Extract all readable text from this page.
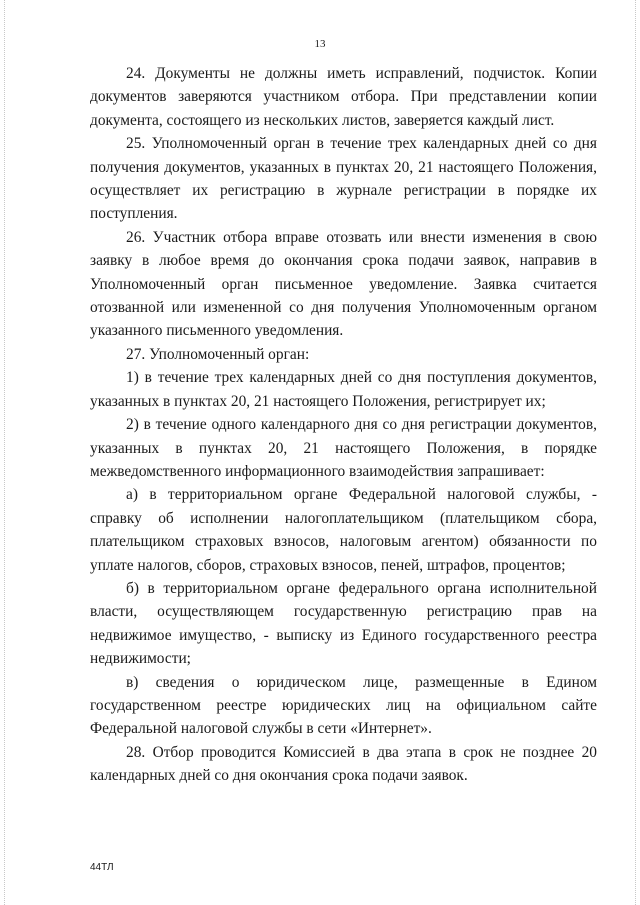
13

24. Документы не должны иметь исправлений, подчисток. Копии документов заверяются участником отбора. При представлении копии документа, состоящего из нескольких листов, заверяется каждый лист.

25. Уполномоченный орган в течение трех календарных дней со дня получения документов, указанных в пунктах 20, 21 настоящего Положения, осуществляет их регистрацию в журнале регистрации в порядке их поступления.

26. Участник отбора вправе отозвать или внести изменения в свою заявку в любое время до окончания срока подачи заявок, направив в Уполномоченный орган письменное уведомление. Заявка считается отозванной или измененной со дня получения Уполномоченным органом указанного письменного уведомления.

27. Уполномоченный орган:

1) в течение трех календарных дней со дня поступления документов, указанных в пунктах 20, 21 настоящего Положения, регистрирует их;

2) в течение одного календарного дня со дня регистрации документов, указанных в пунктах 20, 21 настоящего Положения, в порядке межведомственного информационного взаимодействия запрашивает:

а) в территориальном органе Федеральной налоговой службы, - справку об исполнении налогоплательщиком (плательщиком сбора, плательщиком страховых взносов, налоговым агентом) обязанности по уплате налогов, сборов, страховых взносов, пеней, штрафов, процентов;

б) в территориальном органе федерального органа исполнительной власти, осуществляющем государственную регистрацию прав на недвижимое имущество, - выписку из Единого государственного реестра недвижимости;

в) сведения о юридическом лице, размещенные в Едином государственном реестре юридических лиц на официальном сайте Федеральной налоговой службы в сети «Интернет».

28. Отбор проводится Комиссией в два этапа в срок не позднее 20 календарных дней со дня окончания срока подачи заявок.

44ТЛ
